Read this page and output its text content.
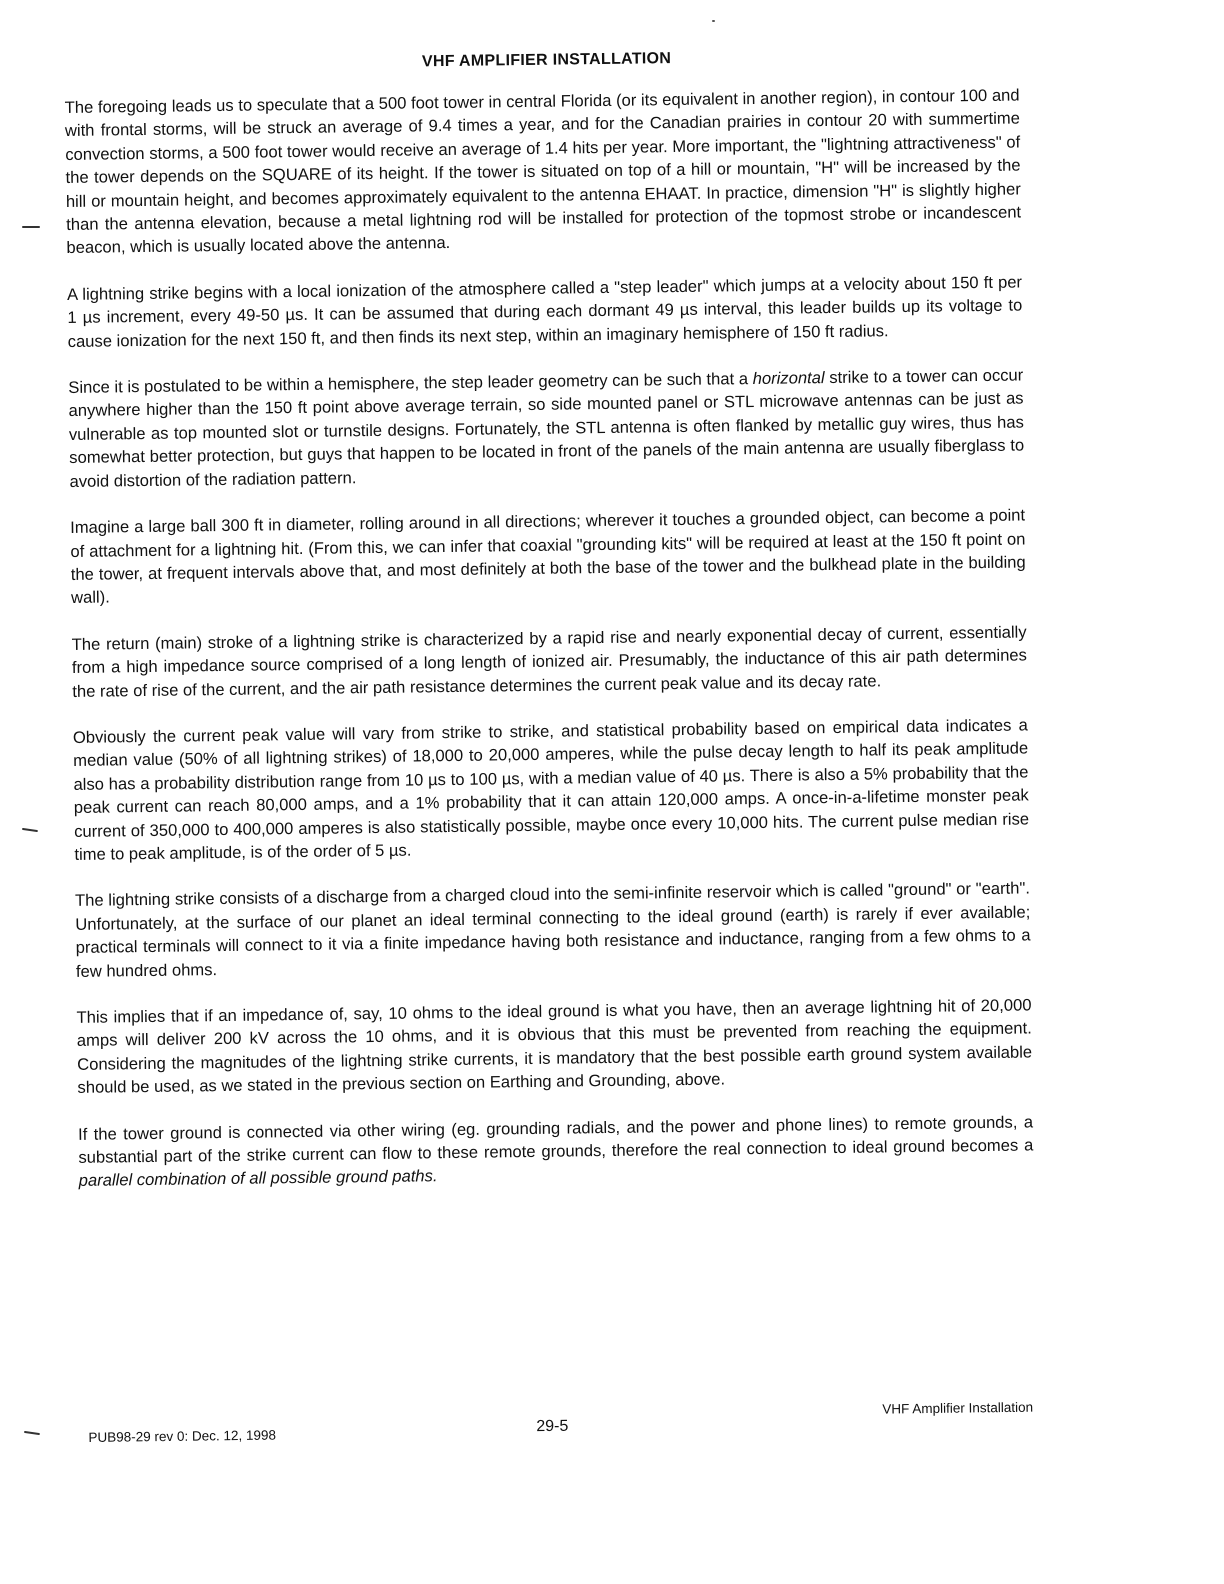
VHF AMPLIFIER INSTALLATION

The foregoing leads us to speculate that a 500 foot tower in central Florida (or its equivalent in another region), in contour 100 and with frontal storms, will be struck an average of 9.4 times a year, and for the Canadian prairies in contour 20 with summertime convection storms, a 500 foot tower would receive an average of 1.4 hits per year. More important, the "lightning attractiveness" of the tower depends on the SQUARE of its height. If the tower is situated on top of a hill or mountain, "H" will be increased by the hill or mountain height, and becomes approximately equivalent to the antenna EHAAT. In practice, dimension "H" is slightly higher than the antenna elevation, because a metal lightning rod will be installed for protection of the topmost strobe or incandescent beacon, which is usually located above the antenna.

A lightning strike begins with a local ionization of the atmosphere called a "step leader" which jumps at a velocity about 150 ft per 1 µs increment, every 49-50 µs. It can be assumed that during each dormant 49 µs interval, this leader builds up its voltage to cause ionization for the next 150 ft, and then finds its next step, within an imaginary hemisphere of 150 ft radius.

Since it is postulated to be within a hemisphere, the step leader geometry can be such that a horizontal strike to a tower can occur anywhere higher than the 150 ft point above average terrain, so side mounted panel or STL microwave antennas can be just as vulnerable as top mounted slot or turnstile designs. Fortunately, the STL antenna is often flanked by metallic guy wires, thus has somewhat better protection, but guys that happen to be located in front of the panels of the main antenna are usually fiberglass to avoid distortion of the radiation pattern.

Imagine a large ball 300 ft in diameter, rolling around in all directions; wherever it touches a grounded object, can become a point of attachment for a lightning hit. (From this, we can infer that coaxial "grounding kits" will be required at least at the 150 ft point on the tower, at frequent intervals above that, and most definitely at both the base of the tower and the bulkhead plate in the building wall).

The return (main) stroke of a lightning strike is characterized by a rapid rise and nearly exponential decay of current, essentially from a high impedance source comprised of a long length of ionized air. Presumably, the inductance of this air path determines the rate of rise of the current, and the air path resistance determines the current peak value and its decay rate.

Obviously the current peak value will vary from strike to strike, and statistical probability based on empirical data indicates a median value (50% of all lightning strikes) of 18,000 to 20,000 amperes, while the pulse decay length to half its peak amplitude also has a probability distribution range from 10 µs to 100 µs, with a median value of 40 µs. There is also a 5% probability that the peak current can reach 80,000 amps, and a 1% probability that it can attain 120,000 amps. A once-in-a-lifetime monster peak current of 350,000 to 400,000 amperes is also statistically possible, maybe once every 10,000 hits. The current pulse median rise time to peak amplitude, is of the order of 5 µs.

The lightning strike consists of a discharge from a charged cloud into the semi-infinite reservoir which is called "ground" or "earth". Unfortunately, at the surface of our planet an ideal terminal connecting to the ideal ground (earth) is rarely if ever available; practical terminals will connect to it via a finite impedance having both resistance and inductance, ranging from a few ohms to a few hundred ohms.

This implies that if an impedance of, say, 10 ohms to the ideal ground is what you have, then an average lightning hit of 20,000 amps will deliver 200 kV across the 10 ohms, and it is obvious that this must be prevented from reaching the equipment. Considering the magnitudes of the lightning strike currents, it is mandatory that the best possible earth ground system available should be used, as we stated in the previous section on Earthing and Grounding, above.

If the tower ground is connected via other wiring (eg. grounding radials, and the power and phone lines) to remote grounds, a substantial part of the strike current can flow to these remote grounds, therefore the real connection to ideal ground becomes a parallel combination of all possible ground paths.

PUB98-29 rev 0: Dec. 12, 1998
29-5
VHF Amplifier Installation
